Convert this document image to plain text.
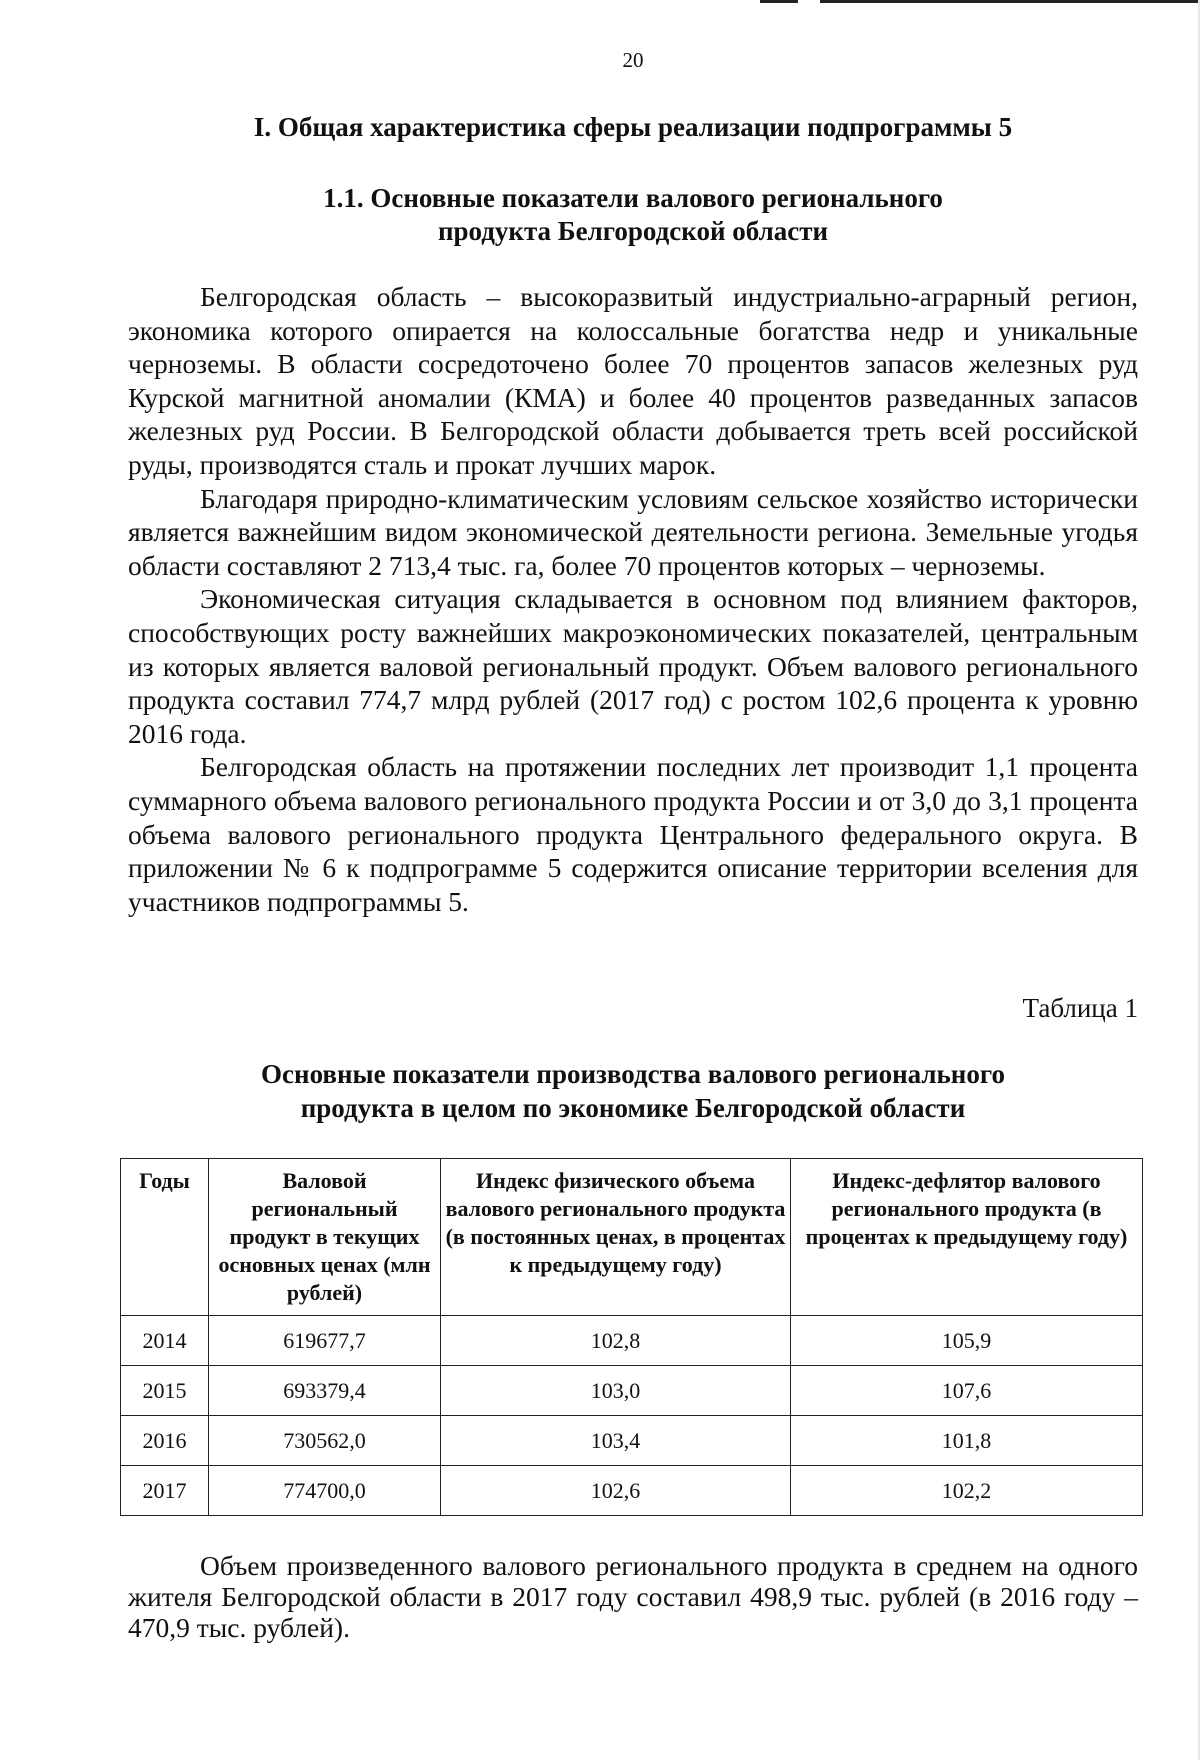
20
I. Общая характеристика сферы реализации подпрограммы 5
1.1. Основные показатели валового регионального
продукта Белгородской области

Белгородская область – высокоразвитый индустриально-аграрный регион, экономика которого опирается на колоссальные богатства недр и уникальные черноземы. В области сосредоточено более 70 процентов запасов железных руд Курской магнитной аномалии (КМА) и более 40 процентов разведанных запасов железных руд России. В Белгородской области добывается треть всей российской руды, производятся сталь и прокат лучших марок.

Благодаря природно-климатическим условиям сельское хозяйство исторически является важнейшим видом экономической деятельности региона. Земельные угодья области составляют 2 713,4 тыс. га, более 70 процентов которых – черноземы.

Экономическая ситуация складывается в основном под влиянием факторов, способствующих росту важнейших макроэкономических показателей, центральным из которых является валовой региональный продукт. Объем валового регионального продукта составил 774,7 млрд рублей (2017 год) с ростом 102,6 процента к уровню 2016 года.

Белгородская область на протяжении последних лет производит 1,1 процента суммарного объема валового регионального продукта России и от 3,0 до 3,1 процента объема валового регионального продукта Центрального федерального округа. В приложении № 6 к подпрограмме 5 содержится описание территории вселения для участников подпрограммы 5.

Таблица 1
Основные показатели производства валового регионального
продукта в целом по экономике Белгородской области
Годы	Валовой региональный продукт в текущих основных ценах (млн рублей)	Индекс физического объема валового регионального продукта (в постоянных ценах, в процентах к предыдущему году)	Индекс-дефлятор валового регионального продукта (в процентах к предыдущему году)
2014	619677,7	102,8	105,9
2015	693379,4	103,0	107,6
2016	730562,0	103,4	101,8
2017	774700,0	102,6	102,2

Объем произведенного валового регионального продукта в среднем на одного жителя Белгородской области в 2017 году составил 498,9 тыс. рублей (в 2016 году – 470,9 тыс. рублей).
